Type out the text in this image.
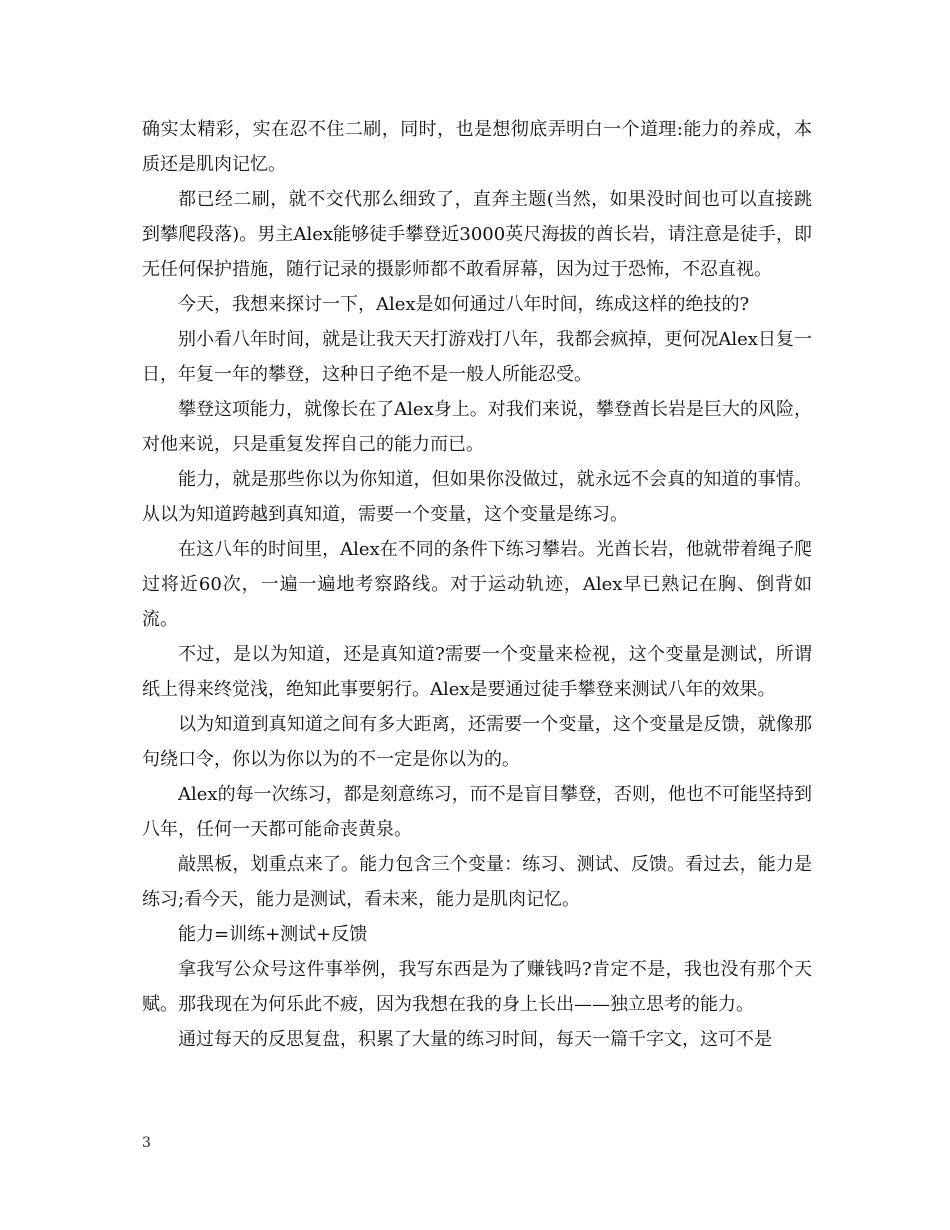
确实太精彩，实在忍不住二刷，同时，也是想彻底弄明白一个道理:能力的养成，本质还是肌肉记忆。

都已经二刷，就不交代那么细致了，直奔主题(当然，如果没时间也可以直接跳到攀爬段落)。男主Alex能够徒手攀登近3000英尺海拔的酋长岩，请注意是徒手，即无任何保护措施，随行记录的摄影师都不敢看屏幕，因为过于恐怖，不忍直视。

今天，我想来探讨一下，Alex是如何通过八年时间，练成这样的绝技的?

别小看八年时间，就是让我天天打游戏打八年，我都会疯掉，更何况Alex日复一日，年复一年的攀登，这种日子绝不是一般人所能忍受。

攀登这项能力，就像长在了Alex身上。对我们来说，攀登酋长岩是巨大的风险，对他来说，只是重复发挥自己的能力而已。

能力，就是那些你以为你知道，但如果你没做过，就永远不会真的知道的事情。从以为知道跨越到真知道，需要一个变量，这个变量是练习。

在这八年的时间里，Alex在不同的条件下练习攀岩。光酋长岩，他就带着绳子爬过将近60次，一遍一遍地考察路线。对于运动轨迹，Alex早已熟记在胸、倒背如流。

不过，是以为知道，还是真知道?需要一个变量来检视，这个变量是测试，所谓纸上得来终觉浅，绝知此事要躬行。Alex是要通过徒手攀登来测试八年的效果。

以为知道到真知道之间有多大距离，还需要一个变量，这个变量是反馈，就像那句绕口令，你以为你以为的不一定是你以为的。

Alex的每一次练习，都是刻意练习，而不是盲目攀登，否则，他也不可能坚持到八年，任何一天都可能命丧黄泉。

敲黑板，划重点来了。能力包含三个变量：练习、测试、反馈。看过去，能力是练习;看今天，能力是测试，看未来，能力是肌肉记忆。

能力=训练+测试+反馈

拿我写公众号这件事举例，我写东西是为了赚钱吗?肯定不是，我也没有那个天赋。那我现在为何乐此不疲，因为我想在我的身上长出——独立思考的能力。

通过每天的反思复盘，积累了大量的练习时间，每天一篇千字文，这可不是

3
